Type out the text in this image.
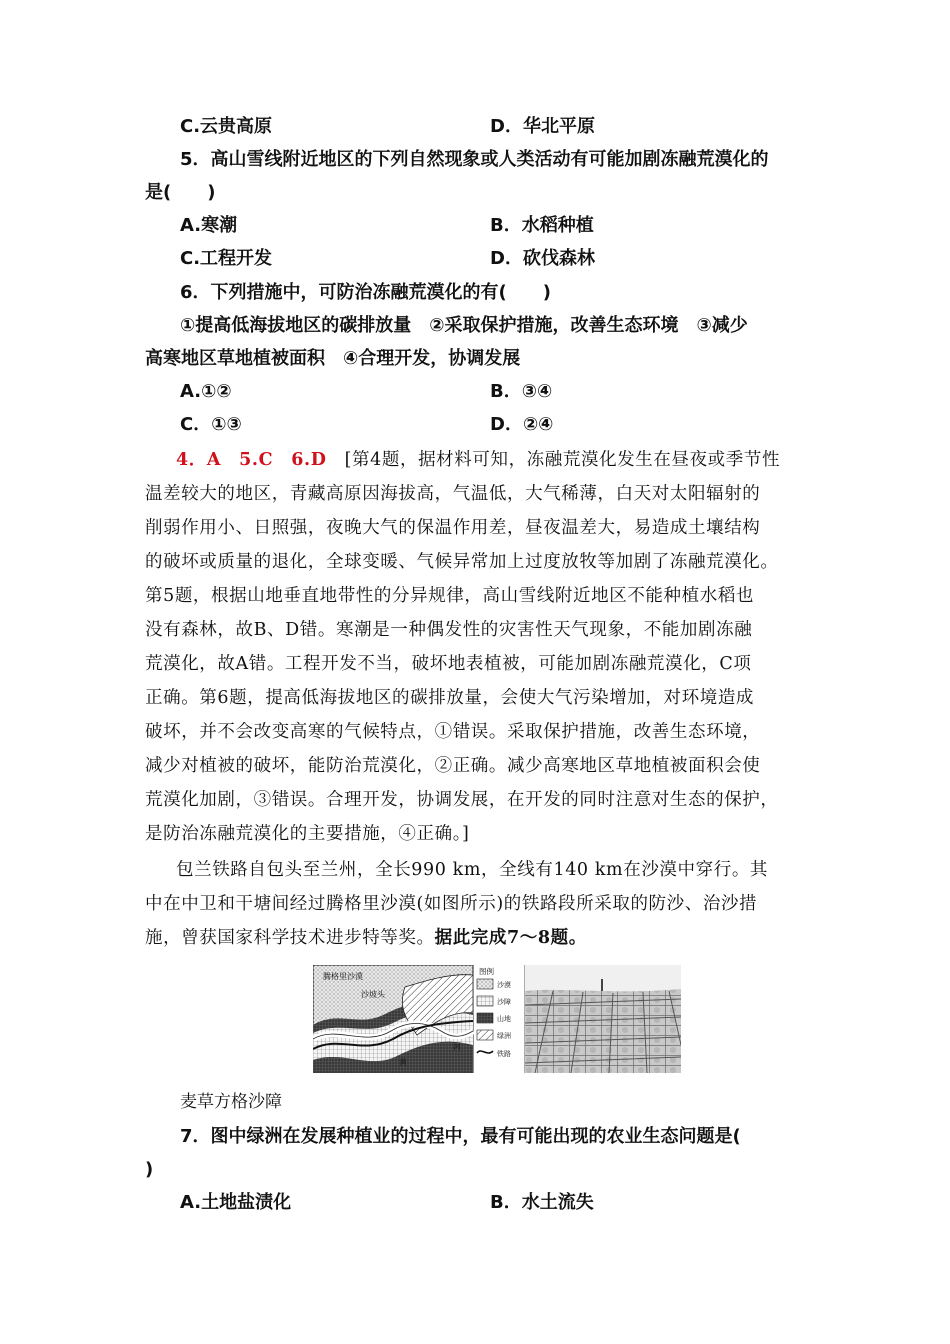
C.云贵高原	D．华北平原
5．高山雪线附近地区的下列自然现象或人类活动有可能加剧冻融荒漠化的
是(　　)
A.寒潮	B．水稻种植
C.工程开发	D．砍伐森林
6．下列措施中，可防治冻融荒漠化的有(　　)
①提高低海拔地区的碳排放量　②采取保护措施，改善生态环境　③减少
高寒地区草地植被面积　④合理开发，协调发展
A.①②	B．③④
C．①③	D．②④
4．A　5.C　6.D　 [第4题，据材料可知，冻融荒漠化发生在昼夜或季节性
温差较大的地区，青藏高原因海拔高，气温低，大气稀薄，白天对太阳辐射的
削弱作用小、日照强，夜晚大气的保温作用差，昼夜温差大，易造成土壤结构
的破坏或质量的退化，全球变暖、气候异常加上过度放牧等加剧了冻融荒漠化。
第5题，根据山地垂直地带性的分异规律，高山雪线附近地区不能种植水稻也
没有森林，故B、D错。寒潮是一种偶发性的灾害性天气现象，不能加剧冻融
荒漠化，故A错。工程开发不当，破坏地表植被，可能加剧冻融荒漠化，C项
正确。第6题，提高低海拔地区的碳排放量，会使大气污染增加，对环境造成
破坏，并不会改变高寒的气候特点，①错误。采取保护措施，改善生态环境，
减少对植被的破坏，能防治荒漠化，②正确。减少高寒地区草地植被面积会使
荒漠化加剧，③错误。合理开发，协调发展，在开发的同时注意对生态的保护，
是防治冻融荒漠化的主要措施，④正确。]
包兰铁路自包头至兰州，全长990 km，全线有140 km在沙漠中穿行。其
中在中卫和干塘间经过腾格里沙漠(如图所示)的铁路段所采取的防沙、治沙措
施，曾获国家科学技术进步特等奖。据此完成7～8题。
腾格里沙漠
沙坡头
黄
河
图例
沙漠
沙障
山地
绿洲
铁路
麦草方格沙障
7．图中绿洲在发展种植业的过程中，最有可能出现的农业生态问题是(
)
A.土地盐渍化	B．水土流失
